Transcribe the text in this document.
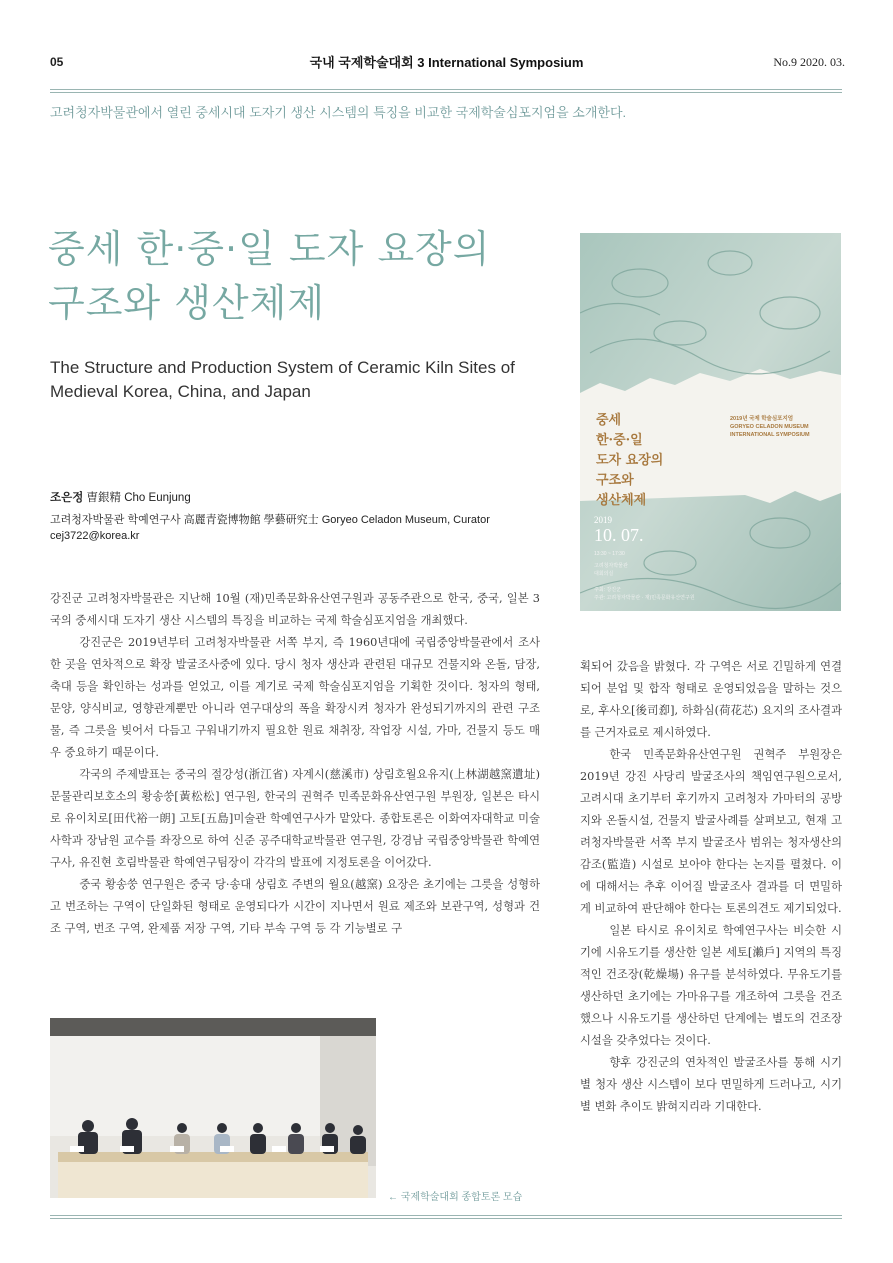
05	국내 국제학술대회 3 International Symposium	No.9 2020. 03.
고려청자박물관에서 열린 중세시대 도자기 생산 시스템의 특징을 비교한 국제학술심포지엄을 소개한다.
중세 한·중·일 도자 요장의
구조와 생산체제
The Structure and Production System of Ceramic Kiln Sites of
Medieval Korea, China, and Japan
조은정 曺銀精 Cho Eunjung
고려청자박물관 학예연구사 高麗青瓷博物館 學藝研究士 Goryeo Celadon Museum, Curator
cej3722@korea.kr
중세
한·중·일
도자 요장의
구조와
생산체제
2019년 국제 학술심포지엄
GORYEO CELADON MUSEUM
INTERNATIONAL SYMPOSIUM
2019
10. 07.
13:30 ~ 17:30
고려청자박물관
대회의실
주최: 강진군
주관: 고려청자박물관 · 재)민족문화유산연구원

강진군 고려청자박물관은 지난해 10월 (재)민족문화유산연구원과 공동주관으로 한국, 중국, 일본 3국의 중세시대 도자기 생산 시스템의 특징을 비교하는 국제 학술심포지엄을 개최했다.

강진군은 2019년부터 고려청자박물관 서쪽 부지, 즉 1960년대에 국립중앙박물관에서 조사한 곳을 연차적으로 확장 발굴조사중에 있다. 당시 청자 생산과 관련된 대규모 건물지와 온돌, 담장, 축대 등을 확인하는 성과를 얻었고, 이를 계기로 국제 학술심포지엄을 기획한 것이다. 청자의 형태, 문양, 양식비교, 영향관계뿐만 아니라 연구대상의 폭을 확장시켜 청자가 완성되기까지의 관련 구조물, 즉 그릇을 빚어서 다듬고 구워내기까지 필요한 원료 채취장, 작업장 시설, 가마, 건물지 등도 매우 중요하기 때문이다.

각국의 주제발표는 중국의 절강성(浙江省) 자계시(慈溪市) 상림호월요유지(上林湖越窯遺址) 문물관리보호소의 황송쑹[黃松松] 연구원, 한국의 권혁주 민족문화유산연구원 부원장, 일본은 타시로 유이치로[田代裕一朗] 고토[五島]미술관 학예연구사가 맡았다. 종합토론은 이화여자대학교 미술사학과 장남원 교수를 좌장으로 하여 신준 공주대학교박물관 연구원, 강경남 국립중앙박물관 학예연구사, 유진현 호림박물관 학예연구팀장이 각각의 발표에 지정토론을 이어갔다.

중국 황송쑹 연구원은 중국 당·송대 상림호 주변의 월요(越窯) 요장은 초기에는 그릇을 성형하고 번조하는 구역이 단일화된 형태로 운영되다가 시간이 지나면서 원료 제조와 보관구역, 성형과 건조 구역, 번조 구역, 완제품 저장 구역, 기타 부속 구역 등 각 기능별로 구

획되어 갔음을 밝혔다. 각 구역은 서로 긴밀하게 연결되어 분업 및 합작 형태로 운영되었음을 말하는 것으로, 후사오[後司㕁], 하화심(荷花芯) 요지의 조사결과를 근거자료로 제시하였다.

한국 민족문화유산연구원 권혁주 부원장은 2019년 강진 사당리 발굴조사의 책임연구원으로서, 고려시대 초기부터 후기까지 고려청자 가마터의 공방지와 온돌시설, 건물지 발굴사례를 살펴보고, 현재 고려청자박물관 서쪽 부지 발굴조사 범위는 청자생산의 감조(監造) 시설로 보아야 한다는 논지를 펼쳤다. 이에 대해서는 추후 이어질 발굴조사 결과를 더 면밀하게 비교하여 판단해야 한다는 토론의견도 제기되었다.

일본 타시로 유이치로 학예연구사는 비슷한 시기에 시유도기를 생산한 일본 세토[瀨戶] 지역의 특징적인 건조장(乾燥場) 유구를 분석하였다. 무유도기를 생산하던 초기에는 가마유구를 개조하여 그릇을 건조했으나 시유도기를 생산하던 단계에는 별도의 건조장 시설을 갖추었다는 것이다.

향후 강진군의 연차적인 발굴조사를 통해 시기별 청자 생산 시스템이 보다 면밀하게 드러나고, 시기별 변화 추이도 밝혀지리라 기대한다.

← 국제학술대회 종합토론 모습
